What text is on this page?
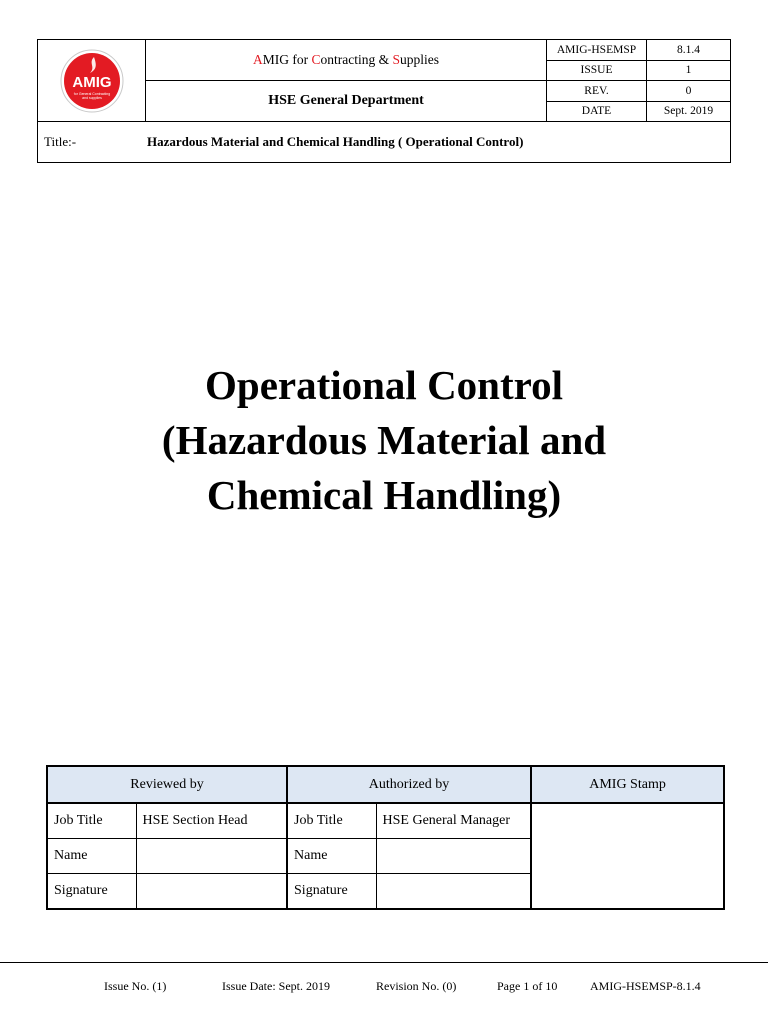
AMIG
for General Contracting
and supplies	AMIG for Contracting & Supplies	AMIG-HSEMSP	8.1.4
		ISSUE	1
	HSE General Department	REV.	0
		DATE	Sept. 2019

Title:- Hazardous Material and Chemical Handling ( Operational Control)			
Operational Control
(Hazardous Material and
Chemical Handling)
Reviewed by		Authorized by		AMIG Stamp
Job Title	HSE Section Head	Job Title	HSE General Manager	
Name		Name		
Signature		Signature		
Issue No. (1)	Issue Date: Sept. 2019	Revision No. (0)	Page 1 of 10	AMIG-HSEMSP-8.1.4
